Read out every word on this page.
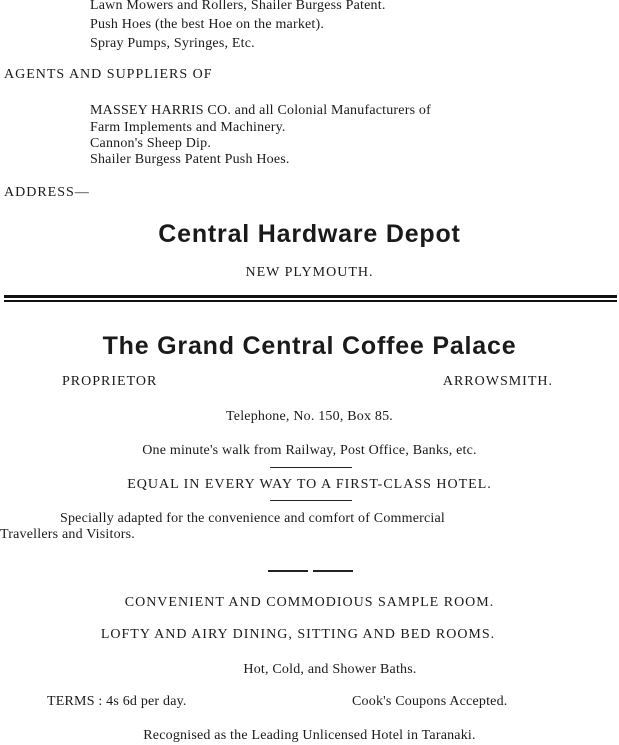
Lawn Mowers and Rollers, Shailer Burgess Patent.
Push Hoes (the best Hoe on the market).
Spray Pumps, Syringes, Etc.
AGENTS AND SUPPLIERS OF
MASSEY HARRIS CO. and all Colonial Manufacturers of
Farm Implements and Machinery.
Cannon's Sheep Dip.
Shailer Burgess Patent Push Hoes.
ADDRESS—
Central Hardware Depot
NEW PLYMOUTH.
The Grand Central Coffee Palace
PROPRIETOR	ARROWSMITH.
Telephone, No. 150, Box 85.
One minute's walk from Railway, Post Office, Banks, etc.
EQUAL IN EVERY WAY TO A FIRST-CLASS HOTEL.
Specially adapted for the convenience and comfort of Commercial
Travellers and Visitors.
CONVENIENT AND COMMODIOUS SAMPLE ROOM.
LOFTY AND AIRY DINING, SITTING AND BED ROOMS.
Hot, Cold, and Shower Baths.
TERMS : 4s 6d per day.	Cook's Coupons Accepted.
Recognised as the Leading Unlicensed Hotel in Taranaki.
